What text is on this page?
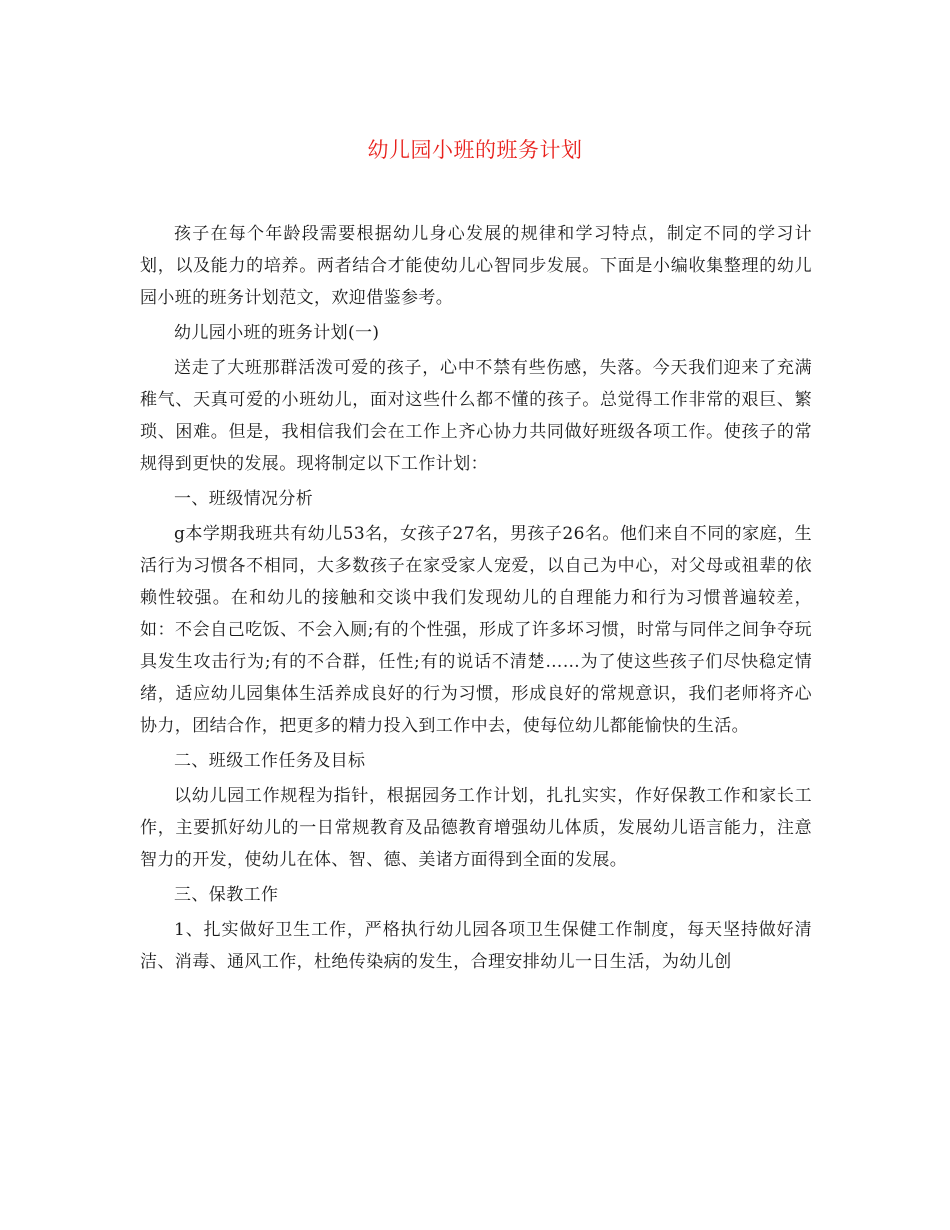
幼儿园小班的班务计划

孩子在每个年龄段需要根据幼儿身心发展的规律和学习特点，制定不同的学习计划，以及能力的培养。两者结合才能使幼儿心智同步发展。下面是小编收集整理的幼儿园小班的班务计划范文，欢迎借鉴参考。

幼儿园小班的班务计划(一)

送走了大班那群活泼可爱的孩子，心中不禁有些伤感，失落。今天我们迎来了充满稚气、天真可爱的小班幼儿，面对这些什么都不懂的孩子。总觉得工作非常的艰巨、繁琐、困难。但是，我相信我们会在工作上齐心协力共同做好班级各项工作。使孩子的常规得到更快的发展。现将制定以下工作计划：

一、班级情况分析

g本学期我班共有幼儿53名，女孩子27名，男孩子26名。他们来自不同的家庭，生活行为习惯各不相同，大多数孩子在家受家人宠爱，以自己为中心，对父母或祖辈的依赖性较强。在和幼儿的接触和交谈中我们发现幼儿的自理能力和行为习惯普遍较差，如：不会自己吃饭、不会入厕;有的个性强，形成了许多坏习惯，时常与同伴之间争夺玩具发生攻击行为;有的不合群，任性;有的说话不清楚……为了使这些孩子们尽快稳定情绪，适应幼儿园集体生活养成良好的行为习惯，形成良好的常规意识，我们老师将齐心协力，团结合作，把更多的精力投入到工作中去，使每位幼儿都能愉快的生活。

二、班级工作任务及目标

以幼儿园工作规程为指针，根据园务工作计划，扎扎实实，作好保教工作和家长工作，主要抓好幼儿的一日常规教育及品德教育增强幼儿体质，发展幼儿语言能力，注意智力的开发，使幼儿在体、智、德、美诸方面得到全面的发展。

三、保教工作

1、扎实做好卫生工作，严格执行幼儿园各项卫生保健工作制度，每天坚持做好清洁、消毒、通风工作，杜绝传染病的发生，合理安排幼儿一日生活，为幼儿创
